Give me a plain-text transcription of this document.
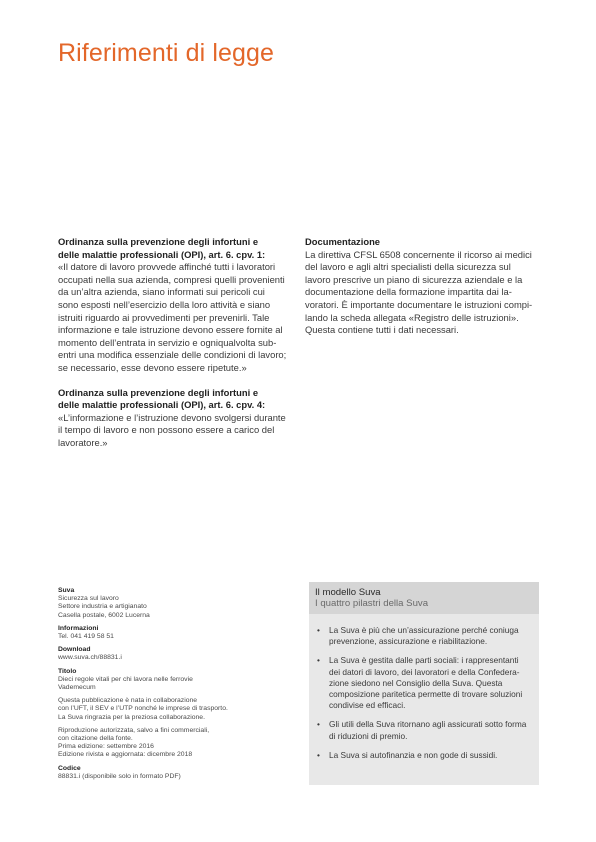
Riferimenti di legge
Ordinanza sulla prevenzione degli infortuni e
delle malattie professionali (OPI), art. 6. cpv. 1:
«Il datore di lavoro provvede affinché tutti i lavoratori
occupati nella sua azienda, compresi quelli provenienti
da un’altra azienda, siano informati sui pericoli cui
sono esposti nell’esercizio della loro attività e siano
istruiti riguardo ai provvedimenti per prevenirli. Tale
informazione e tale istruzione devono essere fornite al
momento dell’entrata in servizio e ogniqualvolta sub-
entri una modifica essenziale delle condizioni di lavoro;
se necessario, esse devono essere ripetute.»
Ordinanza sulla prevenzione degli infortuni e
delle malattie professionali (OPI), art. 6. cpv. 4:
«L’informazione e l’istruzione devono svolgersi durante
il tempo di lavoro e non possono essere a carico del
lavoratore.»
Documentazione
La direttiva CFSL 6508 concernente il ricorso ai medici
del lavoro e agli altri specialisti della sicurezza sul
lavoro prescrive un piano di sicurezza aziendale e la
documentazione della formazione impartita dai la-
voratori. È importante documentare le istruzioni compi-
lando la scheda allegata «Registro delle istruzioni».
Questa contiene tutti i dati necessari.
Suva
Sicurezza sul lavoro
Settore industria e artigianato
Casella postale, 6002 Lucerna
Informazioni
Tel. 041 419 58 51
Download
www.suva.ch/88831.i
Titolo
Dieci regole vitali per chi lavora nelle ferrovie
Vademecum
Questa pubblicazione è nata in collaborazione
con l’UFT, il SEV e l’UTP nonché le imprese di trasporto.
La Suva ringrazia per la preziosa collaborazione.
Riproduzione autorizzata, salvo a fini commerciali,
con citazione della fonte.
Prima edizione: settembre 2016
Edizione rivista e aggiornata: dicembre 2018
Codice
88831.i (disponibile solo in formato PDF)
Il modello Suva
I quattro pilastri della Suva
• La Suva è più che un’assicurazione perché coniuga
prevenzione, assicurazione e riabilitazione.
• La Suva è gestita dalle parti sociali: i rappresentanti
dei datori di lavoro, dei lavoratori e della Confedera-
zione siedono nel Consiglio della Suva. Questa
composizione paritetica permette di trovare soluzioni
condivise ed efficaci.
• Gli utili della Suva ritornano agli assicurati sotto forma
di riduzioni di premio.
• La Suva si autofinanzia e non gode di sussidi.
